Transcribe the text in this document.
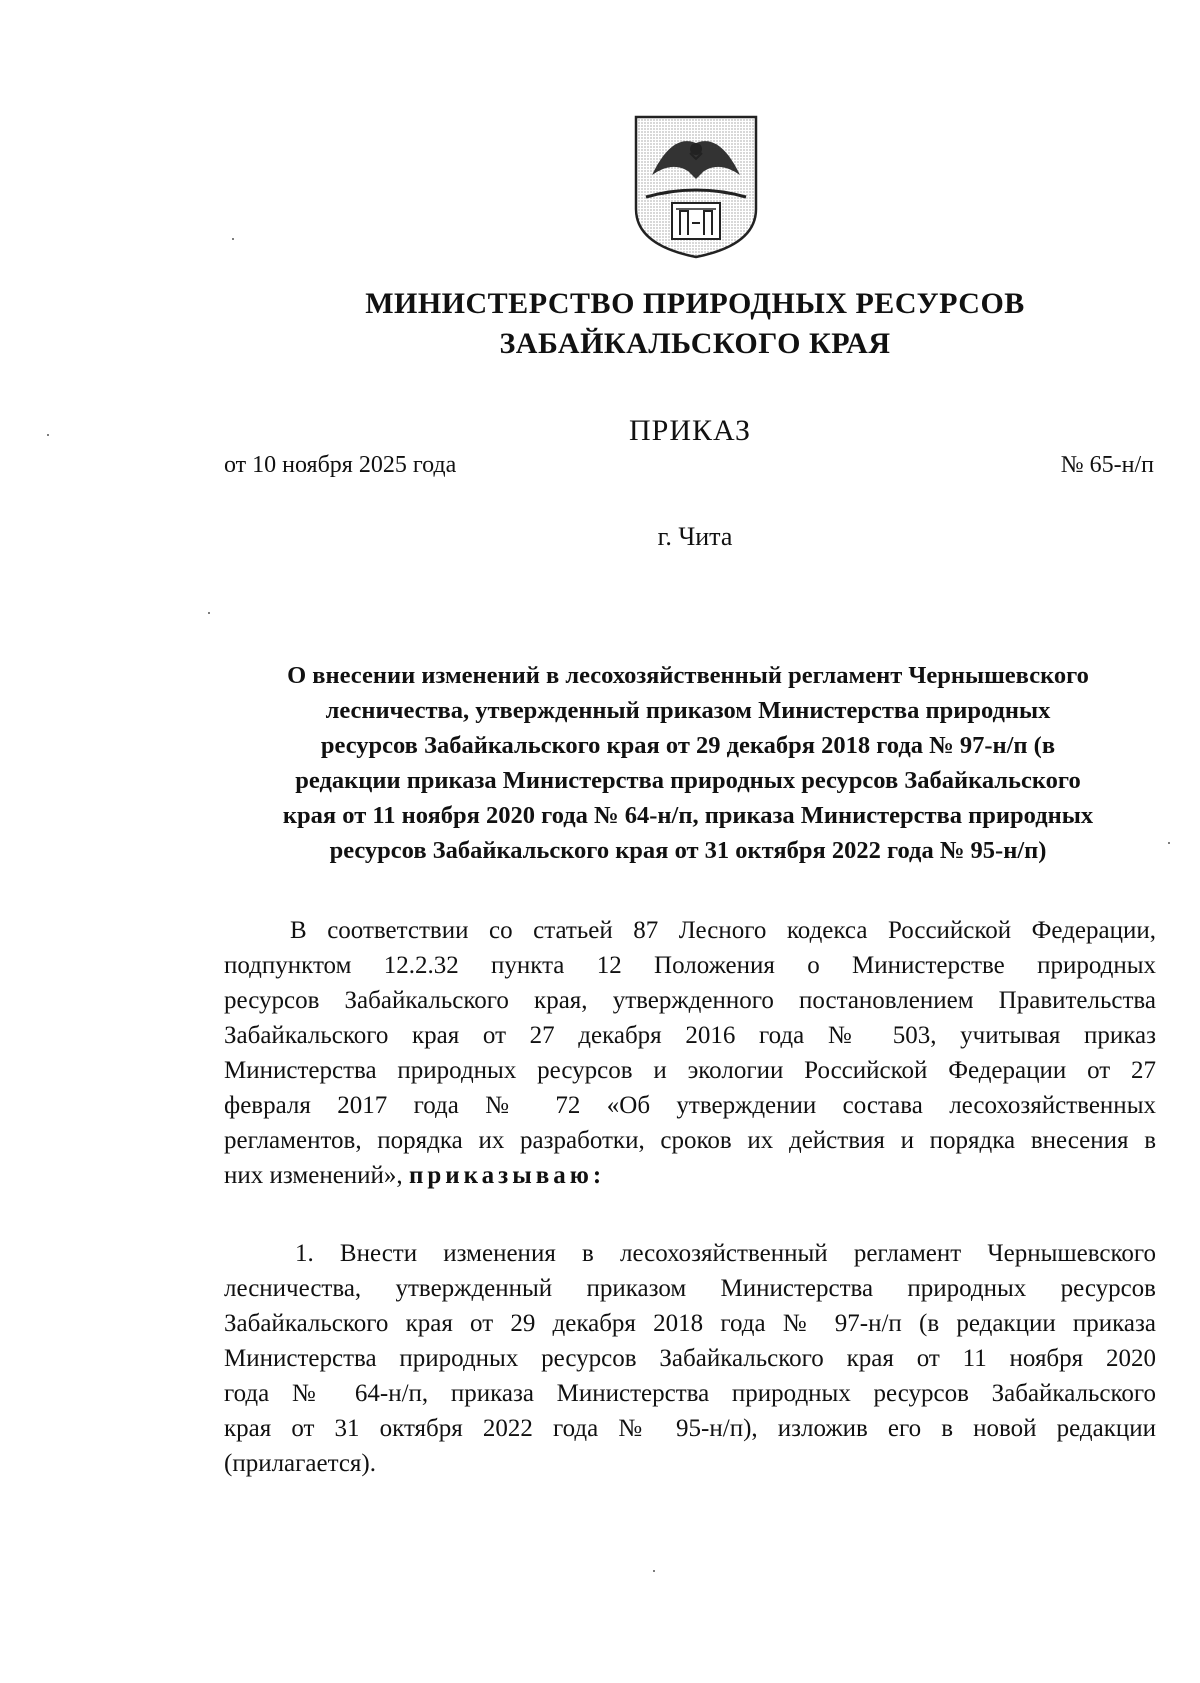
МИНИСТЕРСТВО ПРИРОДНЫХ РЕСУРСОВ
ЗАБАЙКАЛЬСКОГО КРАЯ
ПРИКАЗ
от 10 ноября 2025 года	№ 65-н/п
г. Чита
О внесении изменений в лесохозяйственный регламент Чернышевского
лесничества, утвержденный приказом Министерства природных
ресурсов Забайкальского края от 29 декабря 2018 года № 97-н/п (в
редакции приказа Министерства природных ресурсов Забайкальского
края от 11 ноября 2020 года № 64-н/п, приказа Министерства природных
ресурсов Забайкальского края от 31 октября 2022 года № 95-н/п)
В соответствии со статьей 87 Лесного кодекса Российской Федерации,
подпунктом 12.2.32 пункта 12 Положения о Министерстве природных
ресурсов Забайкальского края, утвержденного постановлением Правительства
Забайкальского края от 27 декабря 2016 года № 503, учитывая приказ
Министерства природных ресурсов и экологии Российской Федерации от 27
февраля 2017 года № 72 «Об утверждении состава лесохозяйственных
регламентов, порядка их разработки, сроков их действия и порядка внесения в
них изменений», приказываю:
1. Внести изменения в лесохозяйственный регламент Чернышевского
лесничества, утвержденный приказом Министерства природных ресурсов
Забайкальского края от 29 декабря 2018 года № 97-н/п (в редакции приказа
Министерства природных ресурсов Забайкальского края от 11 ноября 2020
года № 64-н/п, приказа Министерства природных ресурсов Забайкальского
края от 31 октября 2022 года № 95-н/п), изложив его в новой редакции
(прилагается).
